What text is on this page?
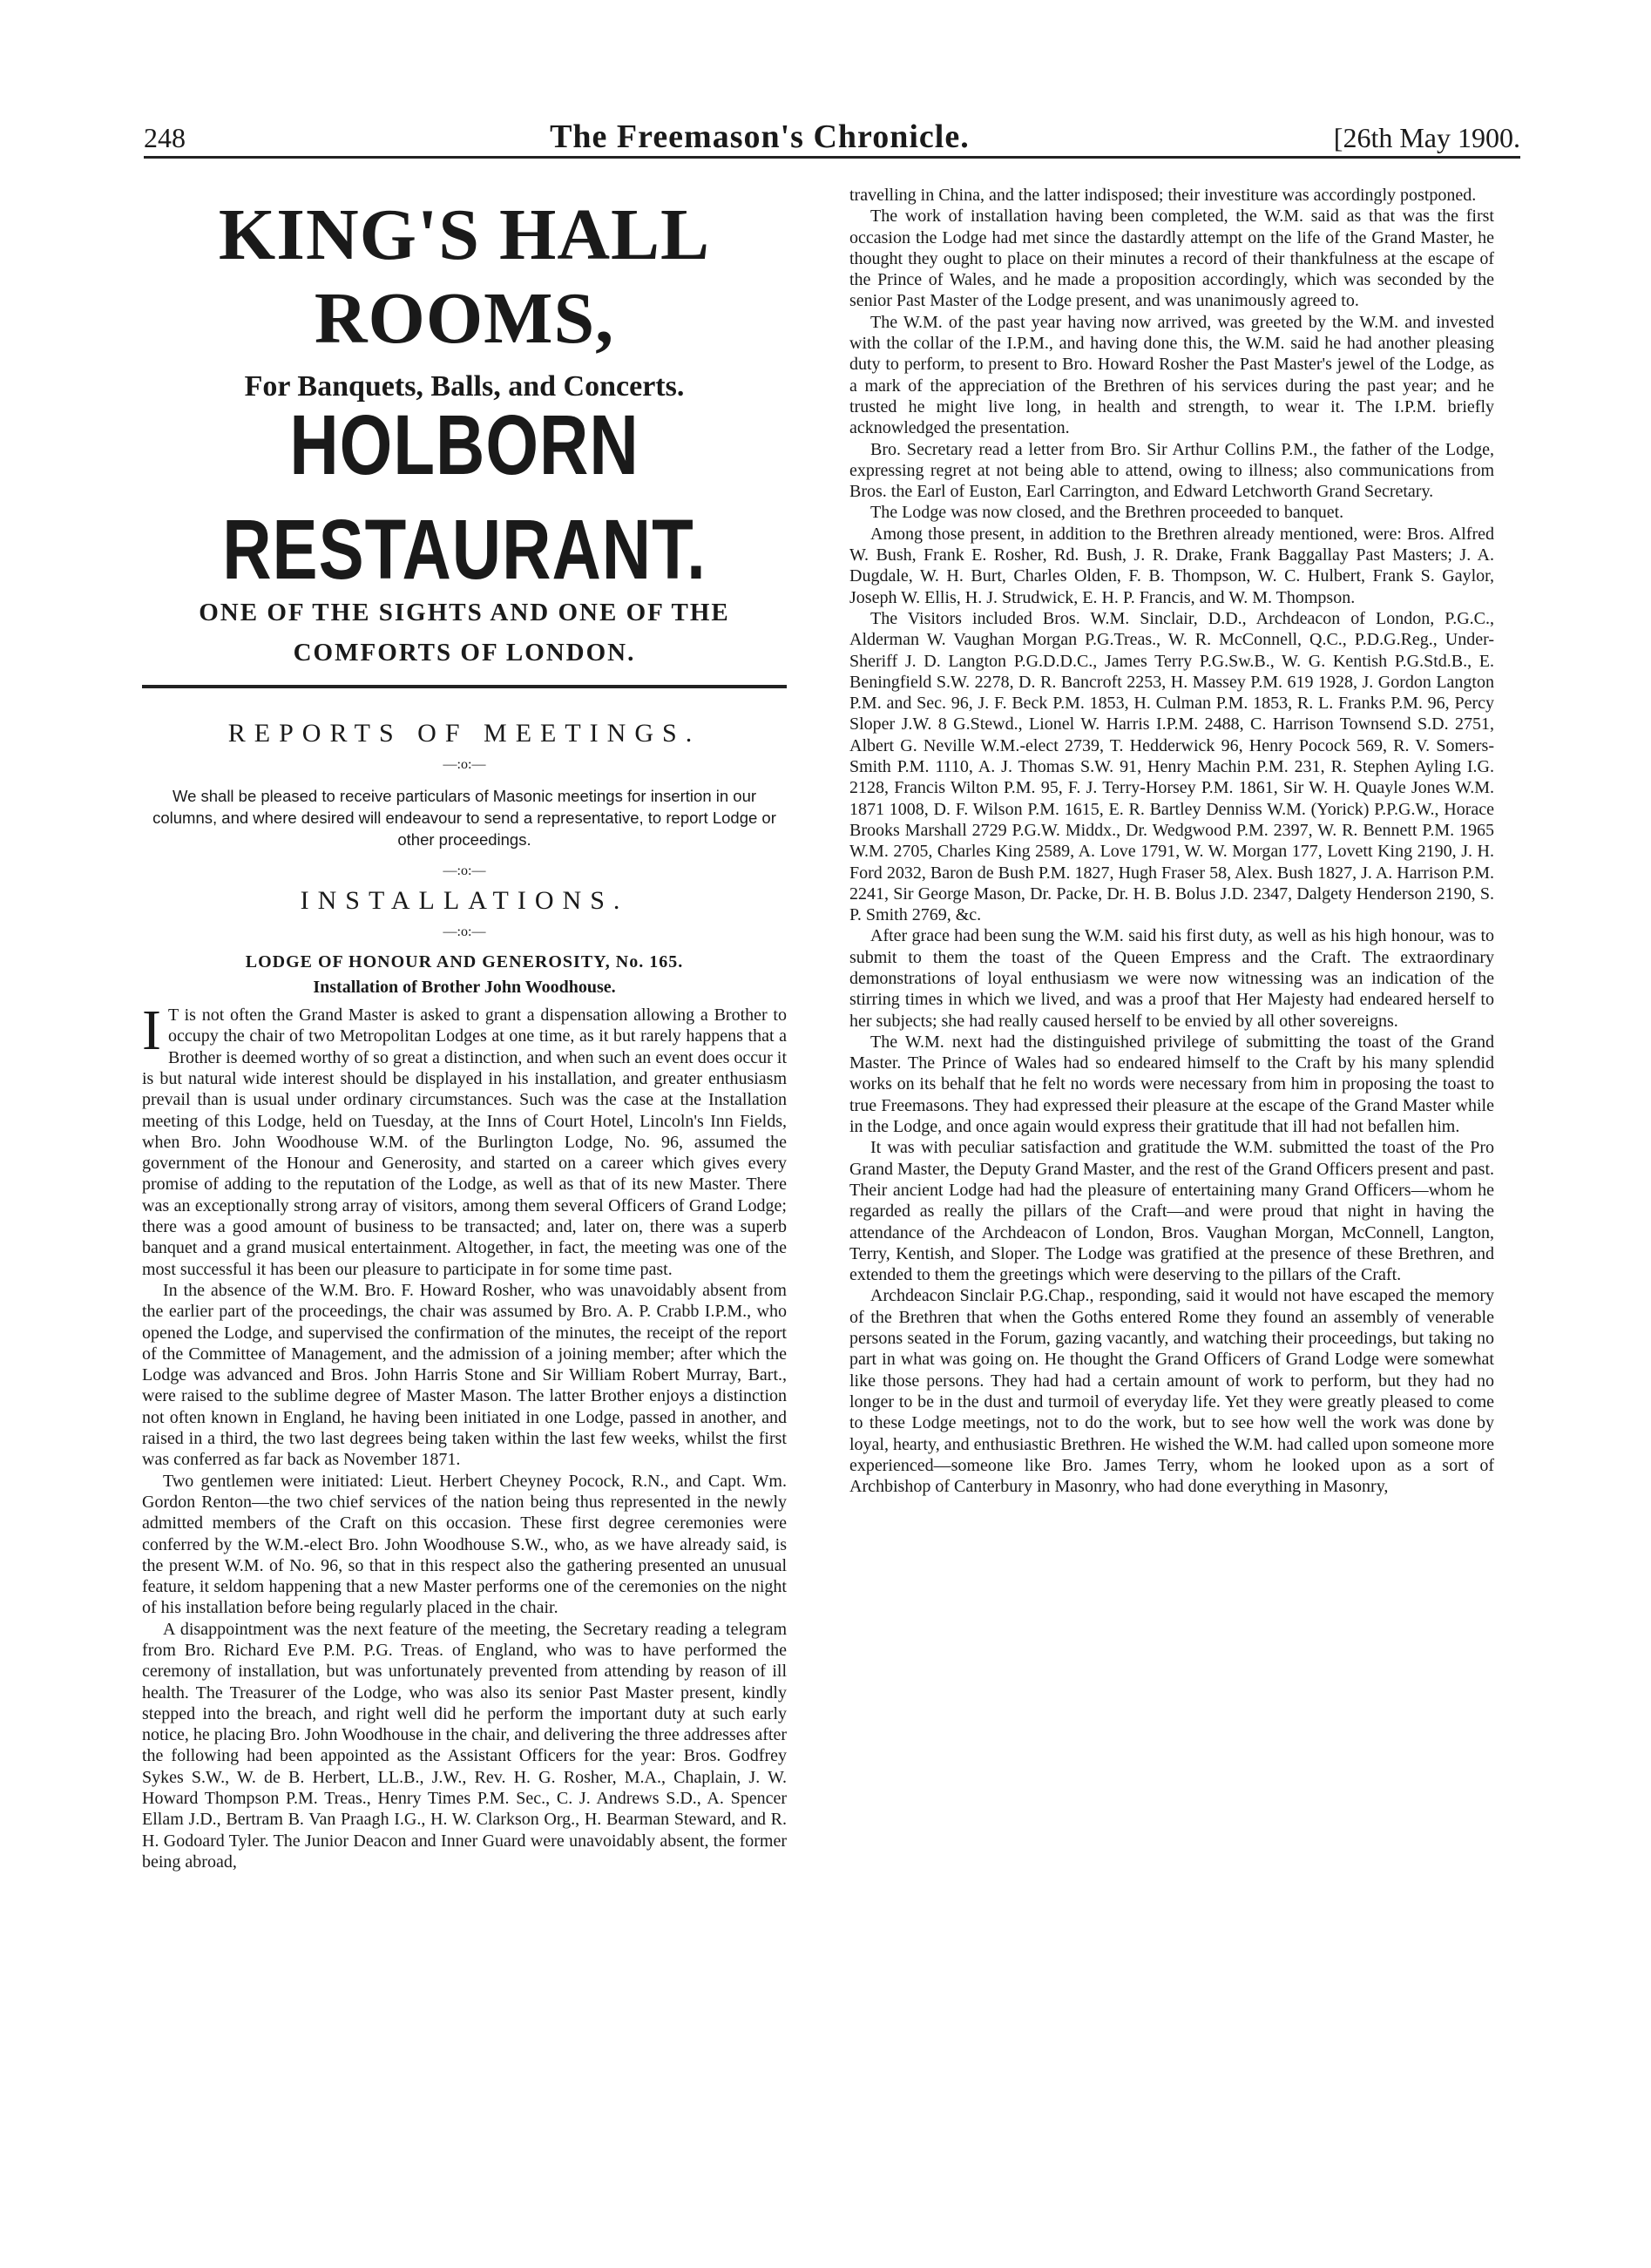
248	The Freemason's Chronicle.	[26th May 1900.
KING'S HALL ROOMS,
For Banquets, Balls, and Concerts.
HOLBORN RESTAURANT.
ONE OF THE SIGHTS AND ONE OF THE COMFORTS OF LONDON.
REPORTS OF MEETINGS.
—:o:—
We shall be pleased to receive particulars of Masonic meetings for insertion in our columns, and where desired will endeavour to send a representative, to report Lodge or other proceedings.
—:o:—
INSTALLATIONS.
—:o:—
LODGE OF HONOUR AND GENEROSITY, No. 165.
Installation of Brother John Woodhouse.

I T is not often the Grand Master is asked to grant a dispensation allowing a Brother to occupy the chair of two Metropolitan Lodges at one time, as it but rarely happens that a Brother is deemed worthy of so great a distinction, and when such an event does occur it is but natural wide interest should be displayed in his installation, and greater enthusiasm prevail than is usual under ordinary circumstances. Such was the case at the Installation meeting of this Lodge, held on Tuesday, at the Inns of Court Hotel, Lincoln's Inn Fields, when Bro. John Woodhouse W.M. of the Burlington Lodge, No. 96, assumed the government of the Honour and Generosity, and started on a career which gives every promise of adding to the reputation of the Lodge, as well as that of its new Master. There was an exceptionally strong array of visitors, among them several Officers of Grand Lodge; there was a good amount of business to be transacted; and, later on, there was a superb banquet and a grand musical entertainment. Altogether, in fact, the meeting was one of the most successful it has been our pleasure to participate in for some time past.

In the absence of the W.M. Bro. F. Howard Rosher, who was unavoidably absent from the earlier part of the proceedings, the chair was assumed by Bro. A. P. Crabb I.P.M., who opened the Lodge, and supervised the confirmation of the minutes, the receipt of the report of the Committee of Management, and the admission of a joining member; after which the Lodge was advanced and Bros. John Harris Stone and Sir William Robert Murray, Bart., were raised to the sublime degree of Master Mason. The latter Brother enjoys a distinction not often known in England, he having been initiated in one Lodge, passed in another, and raised in a third, the two last degrees being taken within the last few weeks, whilst the first was conferred as far back as November 1871.

Two gentlemen were initiated: Lieut. Herbert Cheyney Pocock, R.N., and Capt. Wm. Gordon Renton—the two chief services of the nation being thus represented in the newly admitted members of the Craft on this occasion. These first degree ceremonies were conferred by the W.M.-elect Bro. John Woodhouse S.W., who, as we have already said, is the present W.M. of No. 96, so that in this respect also the gathering presented an unusual feature, it seldom happening that a new Master performs one of the ceremonies on the night of his installation before being regularly placed in the chair.

A disappointment was the next feature of the meeting, the Secretary reading a telegram from Bro. Richard Eve P.M. P.G. Treas. of England, who was to have performed the ceremony of installation, but was unfortunately prevented from attending by reason of ill health. The Treasurer of the Lodge, who was also its senior Past Master present, kindly stepped into the breach, and right well did he perform the important duty at such early notice, he placing Bro. John Woodhouse in the chair, and delivering the three addresses after the following had been appointed as the Assistant Officers for the year: Bros. Godfrey Sykes S.W., W. de B. Herbert, LL.B., J.W., Rev. H. G. Rosher, M.A., Chaplain, J. W. Howard Thompson P.M. Treas., Henry Times P.M. Sec., C. J. Andrews S.D., A. Spencer Ellam J.D., Bertram B. Van Praagh I.G., H. W. Clarkson Org., H. Bearman Steward, and R. H. Godoard Tyler. The Junior Deacon and Inner Guard were unavoidably absent, the former being abroad,

travelling in China, and the latter indisposed; their investiture was accordingly postponed.

The work of installation having been completed, the W.M. said as that was the first occasion the Lodge had met since the dastardly attempt on the life of the Grand Master, he thought they ought to place on their minutes a record of their thankfulness at the escape of the Prince of Wales, and he made a proposition accordingly, which was seconded by the senior Past Master of the Lodge present, and was unanimously agreed to.

The W.M. of the past year having now arrived, was greeted by the W.M. and invested with the collar of the I.P.M., and having done this, the W.M. said he had another pleasing duty to perform, to present to Bro. Howard Rosher the Past Master's jewel of the Lodge, as a mark of the appreciation of the Brethren of his services during the past year; and he trusted he might live long, in health and strength, to wear it. The I.P.M. briefly acknowledged the presentation.

Bro. Secretary read a letter from Bro. Sir Arthur Collins P.M., the father of the Lodge, expressing regret at not being able to attend, owing to illness; also communications from Bros. the Earl of Euston, Earl Carrington, and Edward Letchworth Grand Secretary.

The Lodge was now closed, and the Brethren proceeded to banquet.

Among those present, in addition to the Brethren already mentioned, were: Bros. Alfred W. Bush, Frank E. Rosher, Rd. Bush, J. R. Drake, Frank Baggallay Past Masters; J. A. Dugdale, W. H. Burt, Charles Olden, F. B. Thompson, W. C. Hulbert, Frank S. Gaylor, Joseph W. Ellis, H. J. Strudwick, E. H. P. Francis, and W. M. Thompson.

The Visitors included Bros. W.M. Sinclair, D.D., Archdeacon of London, P.G.C., Alderman W. Vaughan Morgan P.G.Treas., W. R. McConnell, Q.C., P.D.G.Reg., Under-Sheriff J. D. Langton P.G.D.D.C., James Terry P.G.Sw.B., W. G. Kentish P.G.Std.B., E. Beningfield S.W. 2278, D. R. Bancroft 2253, H. Massey P.M. 619 1928, J. Gordon Langton P.M. and Sec. 96, J. F. Beck P.M. 1853, H. Culman P.M. 1853, R. L. Franks P.M. 96, Percy Sloper J.W. 8 G.Stewd., Lionel W. Harris I.P.M. 2488, C. Harrison Townsend S.D. 2751, Albert G. Neville W.M.-elect 2739, T. Hedderwick 96, Henry Pocock 569, R. V. Somers-Smith P.M. 1110, A. J. Thomas S.W. 91, Henry Machin P.M. 231, R. Stephen Ayling I.G. 2128, Francis Wilton P.M. 95, F. J. Terry-Horsey P.M. 1861, Sir W. H. Quayle Jones W.M. 1871 1008, D. F. Wilson P.M. 1615, E. R. Bartley Denniss W.M. (Yorick) P.P.G.W., Horace Brooks Marshall 2729 P.G.W. Middx., Dr. Wedgwood P.M. 2397, W. R. Bennett P.M. 1965 W.M. 2705, Charles King 2589, A. Love 1791, W. W. Morgan 177, Lovett King 2190, J. H. Ford 2032, Baron de Bush P.M. 1827, Hugh Fraser 58, Alex. Bush 1827, J. A. Harrison P.M. 2241, Sir George Mason, Dr. Packe, Dr. H. B. Bolus J.D. 2347, Dalgety Henderson 2190, S. P. Smith 2769, &c.

After grace had been sung the W.M. said his first duty, as well as his high honour, was to submit to them the toast of the Queen Empress and the Craft. The extraordinary demonstrations of loyal enthusiasm we were now witnessing was an indication of the stirring times in which we lived, and was a proof that Her Majesty had endeared herself to her subjects; she had really caused herself to be envied by all other sovereigns.

The W.M. next had the distinguished privilege of submitting the toast of the Grand Master. The Prince of Wales had so endeared himself to the Craft by his many splendid works on its behalf that he felt no words were necessary from him in proposing the toast to true Freemasons. They had expressed their pleasure at the escape of the Grand Master while in the Lodge, and once again would express their gratitude that ill had not befallen him.

It was with peculiar satisfaction and gratitude the W.M. submitted the toast of the Pro Grand Master, the Deputy Grand Master, and the rest of the Grand Officers present and past. Their ancient Lodge had had the pleasure of entertaining many Grand Officers—whom he regarded as really the pillars of the Craft—and were proud that night in having the attendance of the Archdeacon of London, Bros. Vaughan Morgan, McConnell, Langton, Terry, Kentish, and Sloper. The Lodge was gratified at the presence of these Brethren, and extended to them the greetings which were deserving to the pillars of the Craft.

Archdeacon Sinclair P.G.Chap., responding, said it would not have escaped the memory of the Brethren that when the Goths entered Rome they found an assembly of venerable persons seated in the Forum, gazing vacantly, and watching their proceedings, but taking no part in what was going on. He thought the Grand Officers of Grand Lodge were somewhat like those persons. They had had a certain amount of work to perform, but they had no longer to be in the dust and turmoil of everyday life. Yet they were greatly pleased to come to these Lodge meetings, not to do the work, but to see how well the work was done by loyal, hearty, and enthusiastic Brethren. He wished the W.M. had called upon someone more experienced—someone like Bro. James Terry, whom he looked upon as a sort of Archbishop of Canterbury in Masonry, who had done everything in Masonry,
